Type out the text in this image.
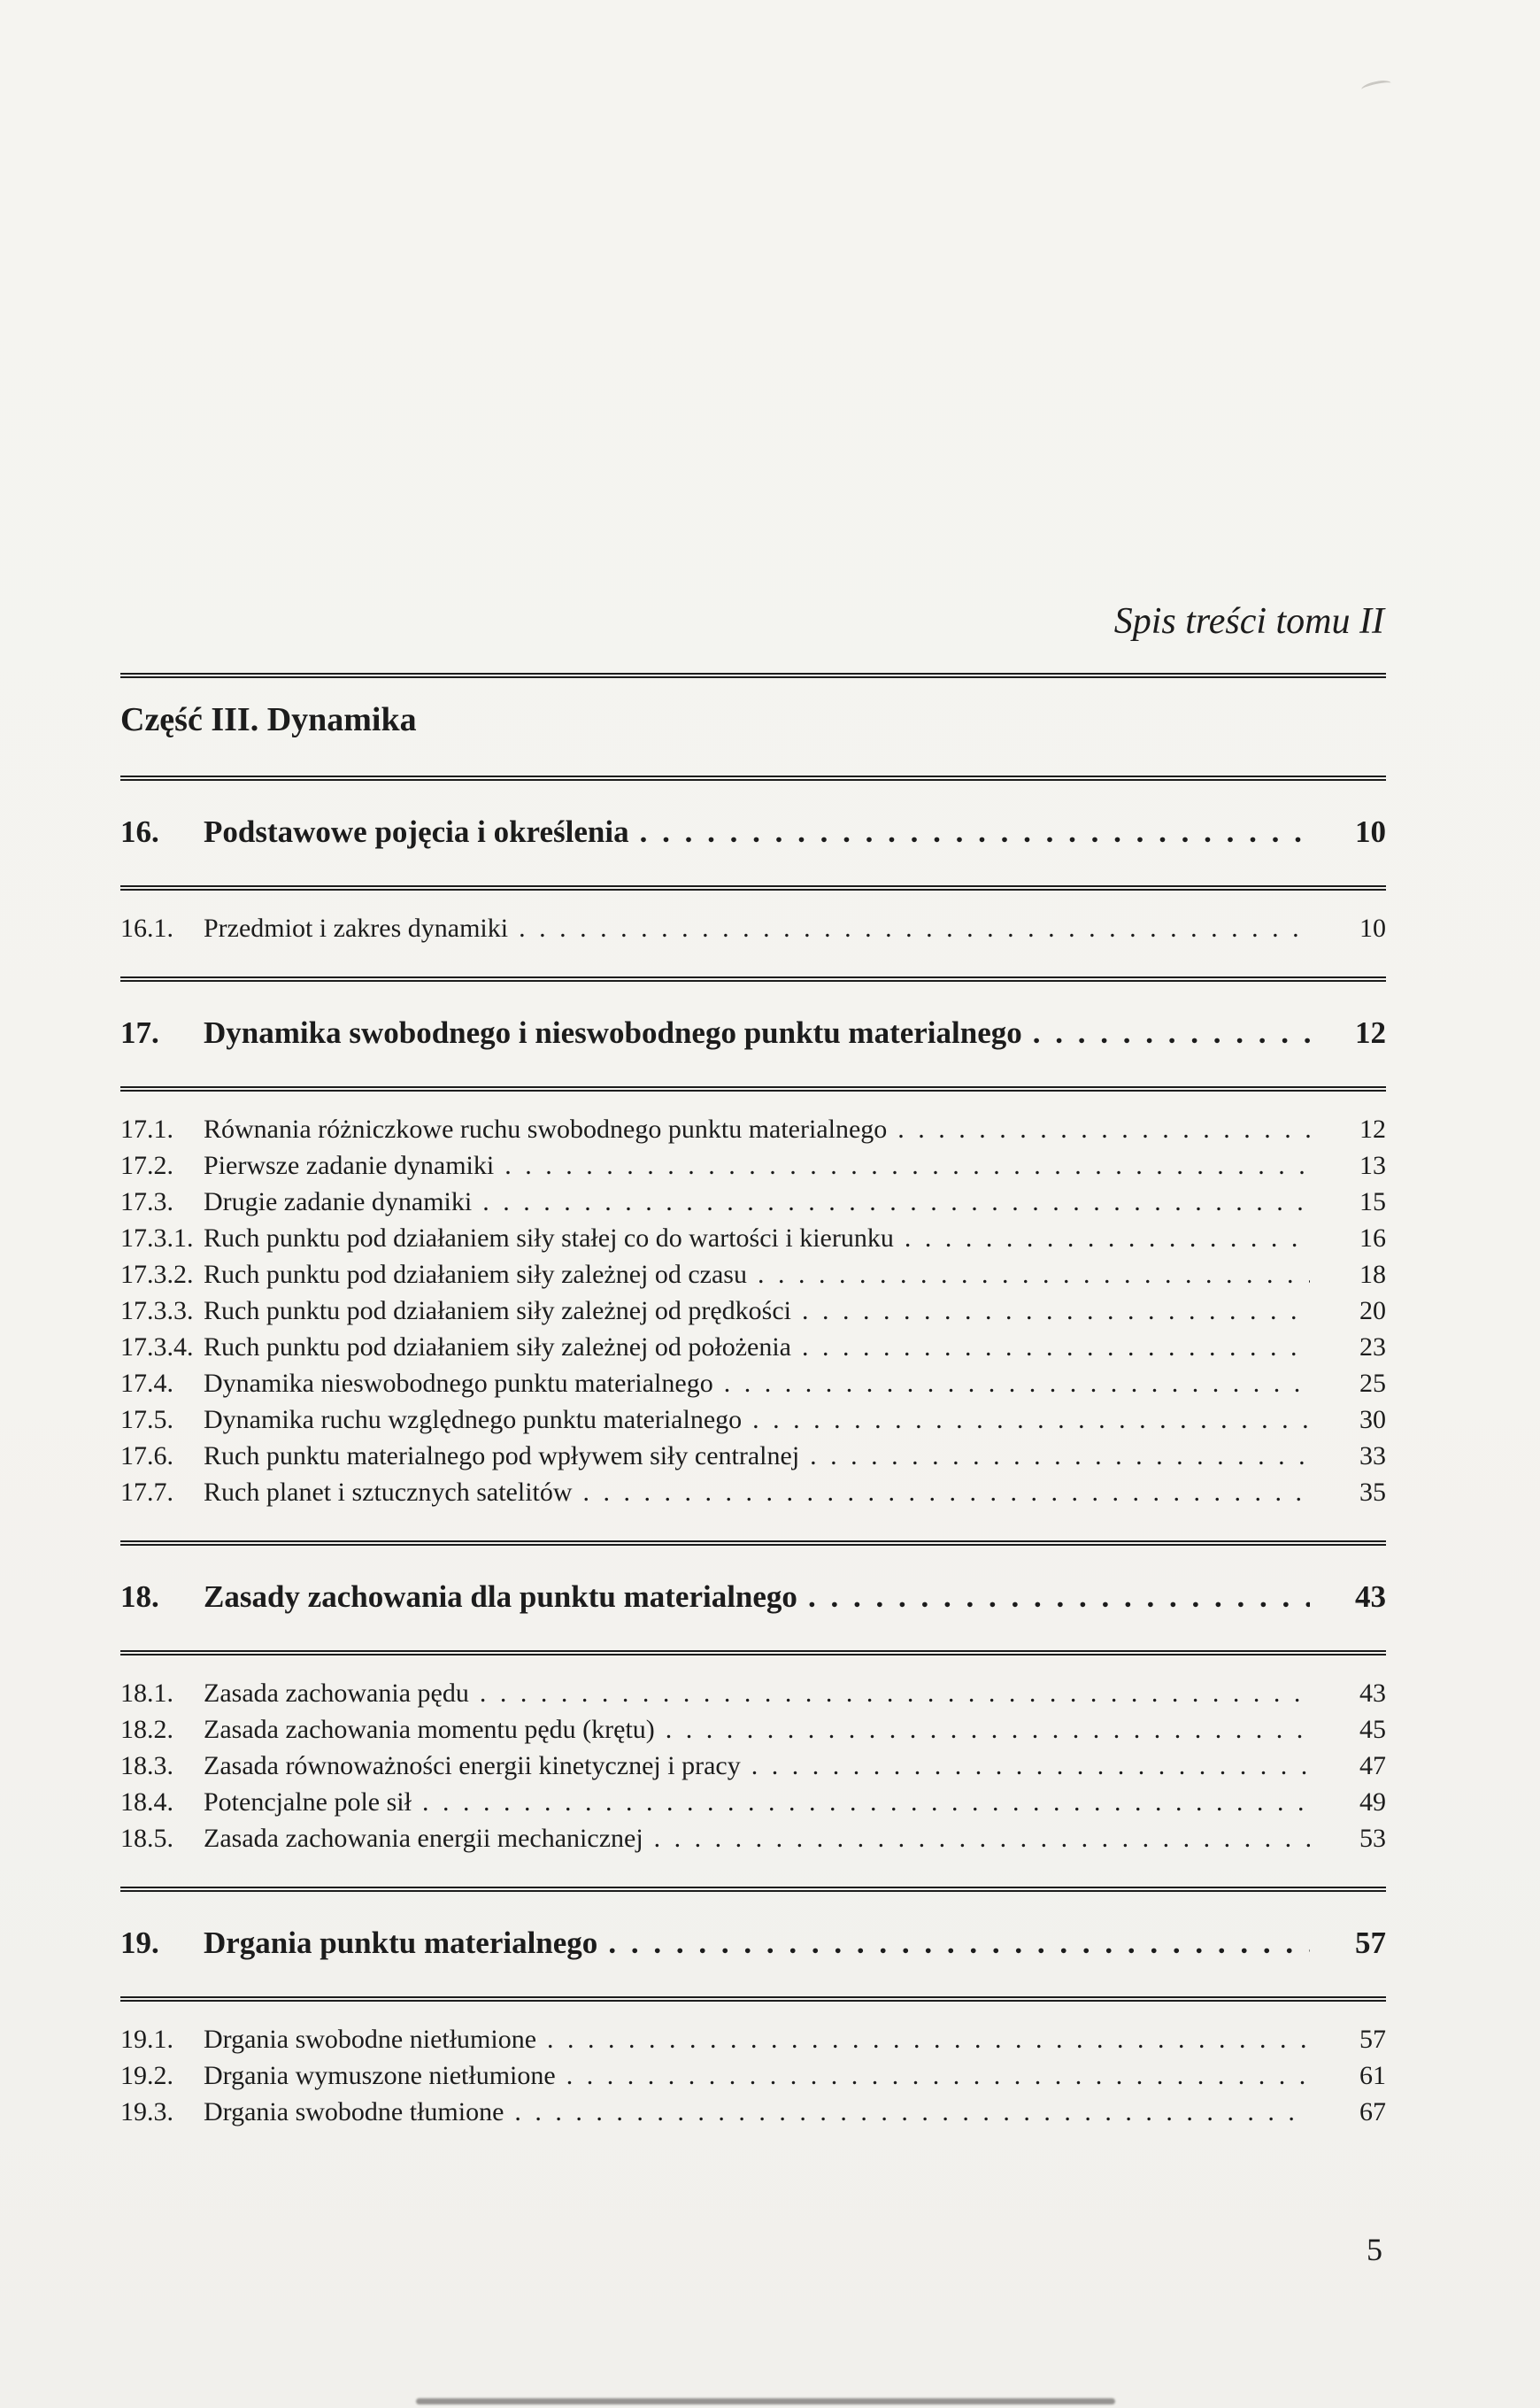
Spis treści tomu II
Część III. Dynamika
16.	Podstawowe pojęcia i określenia . . .	10
16.1.	Przedmiot i zakres dynamiki . . .	10
17.	Dynamika swobodnego i nieswobodnego punktu materialnego . . .	12
17.1.	Równania różniczkowe ruchu swobodnego punktu materialnego . . .	12
17.2.	Pierwsze zadanie dynamiki . . .	13
17.3.	Drugie zadanie dynamiki . . .	15
17.3.1. Ruch punktu pod działaniem siły stałej co do wartości i kierunku . . .	16
17.3.2. Ruch punktu pod działaniem siły zależnej od czasu . . .	18
17.3.3. Ruch punktu pod działaniem siły zależnej od prędkości . . .	20
17.3.4. Ruch punktu pod działaniem siły zależnej od położenia . . .	23
17.4.	Dynamika nieswobodnego punktu materialnego . . .	25
17.5.	Dynamika ruchu względnego punktu materialnego . . .	30
17.6.	Ruch punktu materialnego pod wpływem siły centralnej . . .	33
17.7.	Ruch planet i sztucznych satelitów . . .	35
18.	Zasady zachowania dla punktu materialnego . . .	43
18.1.	Zasada zachowania pędu . . .	43
18.2.	Zasada zachowania momentu pędu (krętu) . . .	45
18.3.	Zasada równoważności energii kinetycznej i pracy . . .	47
18.4.	Potencjalne pole sił . . .	49
18.5.	Zasada zachowania energii mechanicznej . . .	53
19.	Drgania punktu materialnego . . .	57
19.1.	Drgania swobodne nietłumione . . .	57
19.2.	Drgania wymuszone nietłumione . . .	61
19.3.	Drgania swobodne tłumione . . .	67
5
